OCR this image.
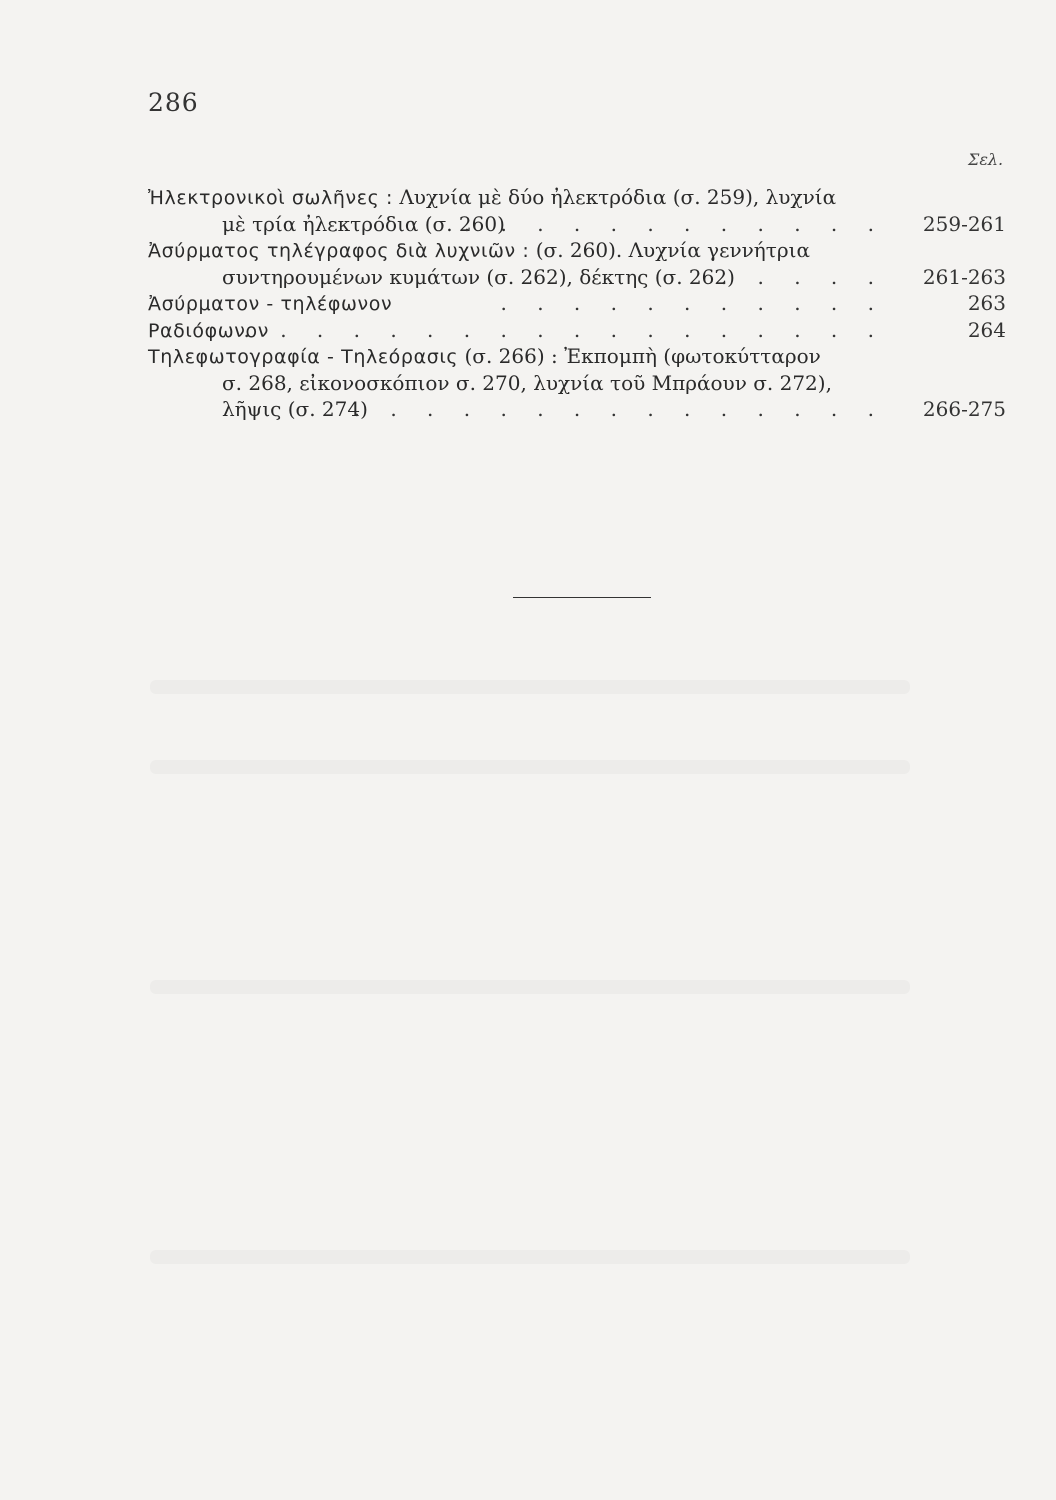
286
Σελ.
Ἠλεκτρονικοὶ σωλῆνες : Λυχνία μὲ δύο ἠλεκτρόδια (σ. 259), λυχνία
μὲ τρία ἠλεκτρόδια (σ. 260)
. . . . . . . . . . . . 259-261
Ἀσύρματος τηλέγραφος διὰ λυχνιῶν : (σ. 260). Λυχνία γεννήτρια
συντηρουμένων κυμάτων (σ. 262), δέκτης (σ. 262)
. . . . . 261-263
Ἀσύρματον - τηλέφωνον	. . . . . . . . . . .	263
Ραδιόφωνον
. . . . . . . . . . . . . . . . . .	264
Τηλεφωτογραφία - Τηλεόρασις (σ. 266) : Ἐκπομπὴ (φωτοκύτταρον
σ. 268, εἰκονοσκόπιον σ. 270, λυχνία τοῦ Μπράουν σ. 272),
λῆψις (σ. 274)
. . . . . . . . . . . . . . . 266-275
